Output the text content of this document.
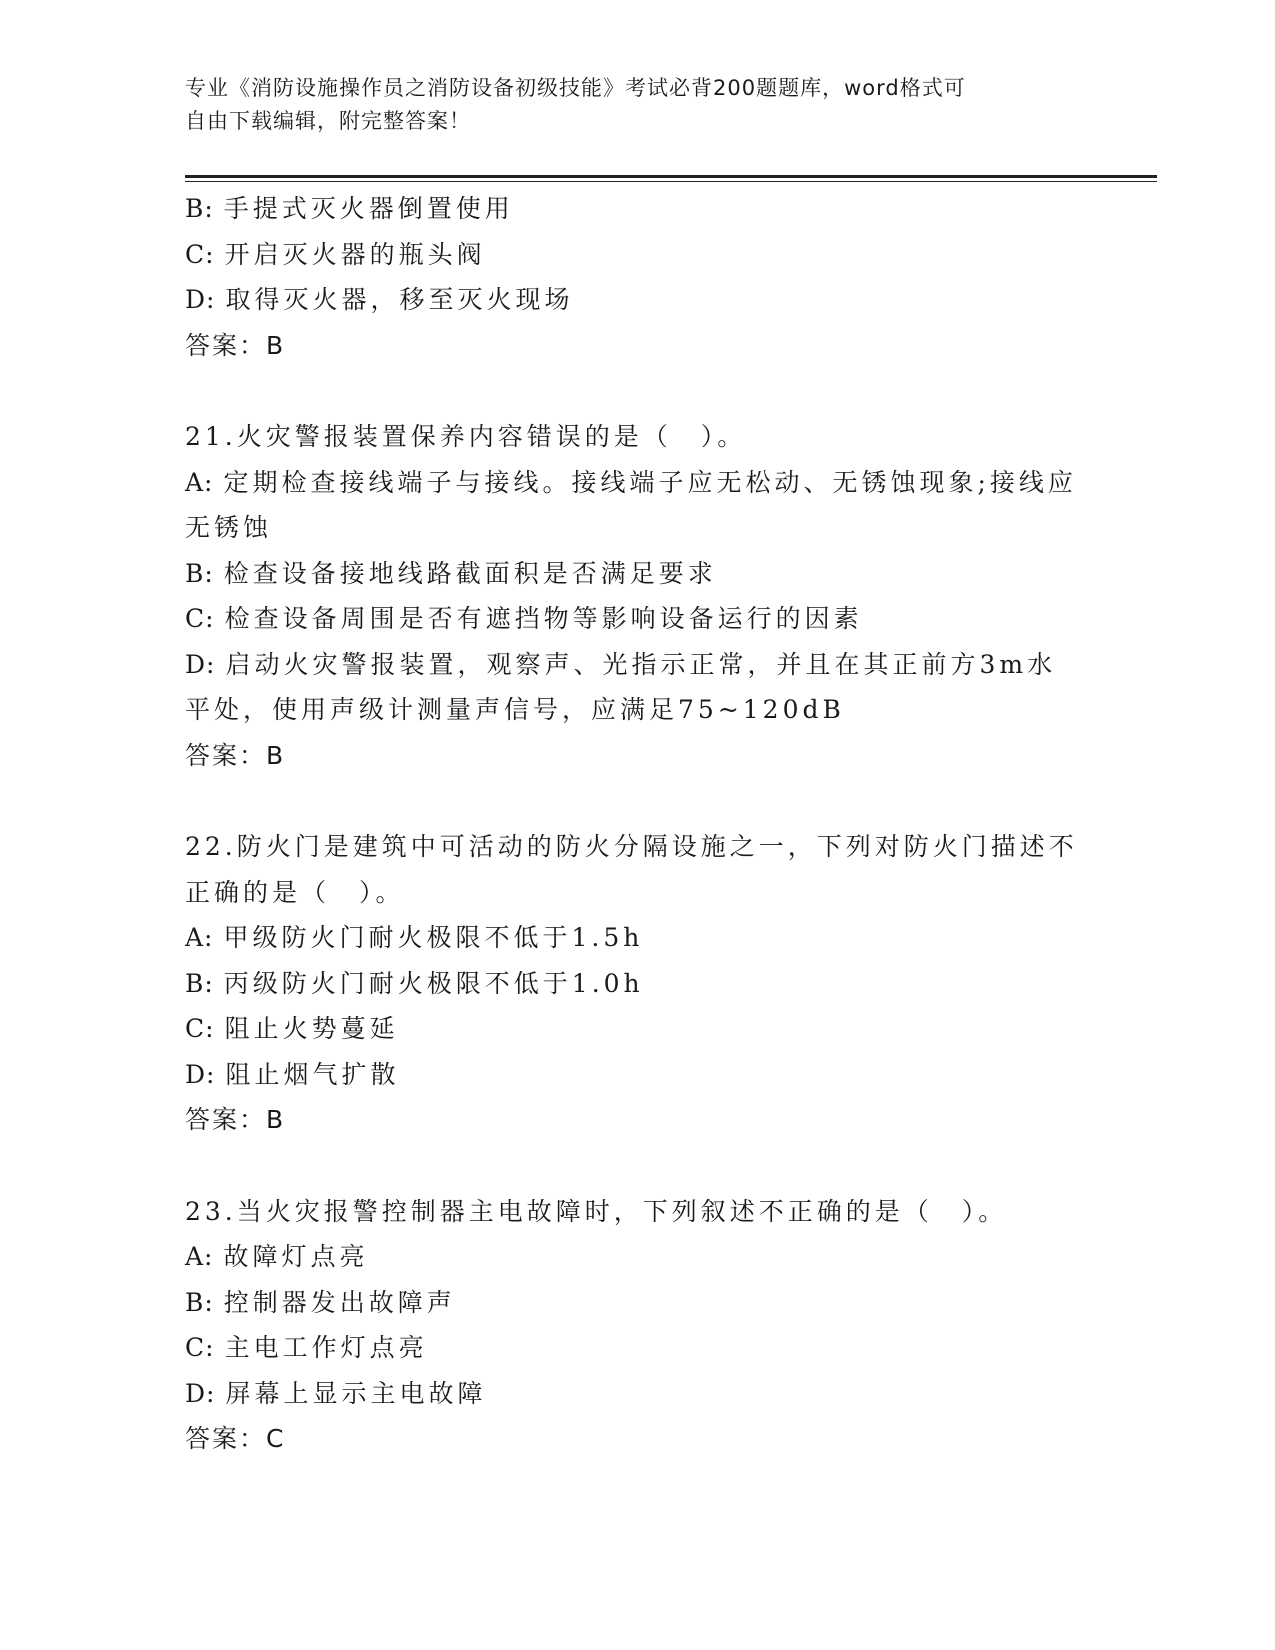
专业《消防设施操作员之消防设备初级技能》考试必背200题题库，word格式可
自由下载编辑，附完整答案！
B: 手提式灭火器倒置使用
C: 开启灭火器的瓶头阀
D: 取得灭火器，移至灭火现场
答案：B
21.火灾警报装置保养内容错误的是（　）。
A: 定期检查接线端子与接线。接线端子应无松动、无锈蚀现象;接线应无锈蚀
B: 检查设备接地线路截面积是否满足要求
C: 检查设备周围是否有遮挡物等影响设备运行的因素
D: 启动火灾警报装置，观察声、光指示正常，并且在其正前方3m水平处，使用声级计测量声信号，应满足75~120dB
答案：B
22.防火门是建筑中可活动的防火分隔设施之一，下列对防火门描述不正确的是（　）。
A: 甲级防火门耐火极限不低于1.5h
B: 丙级防火门耐火极限不低于1.0h
C: 阻止火势蔓延
D: 阻止烟气扩散
答案：B
23.当火灾报警控制器主电故障时，下列叙述不正确的是（　）。
A: 故障灯点亮
B: 控制器发出故障声
C: 主电工作灯点亮
D: 屏幕上显示主电故障
答案：C
